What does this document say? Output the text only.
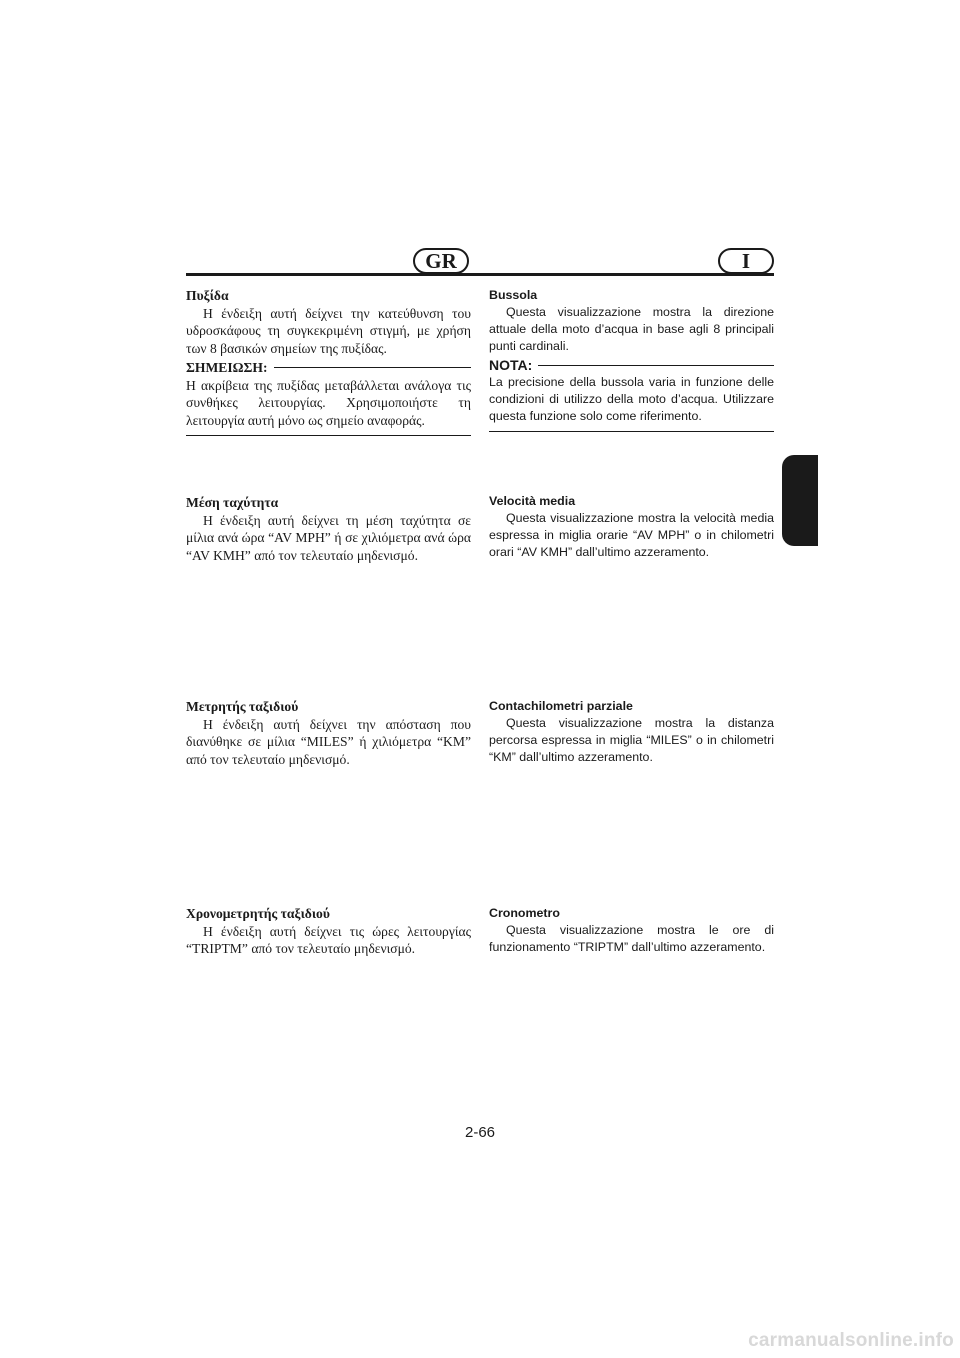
GR	I
Πυξίδα

Η ένδειξη αυτή δείχνει την κατεύθυνση του υδροσκάφους τη συγκεκριμένη στιγμή, με χρήση των 8 βασικών σημείων της πυξίδας.

ΣΗΜΕΙΩΣΗ:

Η ακρίβεια της πυξίδας μεταβάλλεται ανάλογα τις συνθήκες λειτουργίας. Χρησιμοποιήστε τη λειτουργία αυτή μόνο ως σημείο αναφοράς.

Μέση ταχύτητα

Η ένδειξη αυτή δείχνει τη μέση ταχύτητα σε μίλια ανά ώρα “AV MPH” ή σε χιλιόμετρα ανά ώρα “AV KMH” από τον τελευταίο μηδενισμό.

Μετρητής ταξιδιού

Η ένδειξη αυτή δείχνει την απόσταση που διανύθηκε σε μίλια “MILES” ή χιλιόμετρα “KM” από τον τελευταίο μηδενισμό.

Χρονομετρητής ταξιδιού

Η ένδειξη αυτή δείχνει τις ώρες λειτουργίας “TRIPTM” από τον τελευταίο μηδενισμό.

Bussola

Questa visualizzazione mostra la direzione attuale della moto d’acqua in base agli 8 principali punti cardinali.

NOTA:

La precisione della bussola varia in funzione delle condizioni di utilizzo della moto d’acqua. Utilizzare questa funzione solo come riferimento.

Velocità media

Questa visualizzazione mostra la velocità media espressa in miglia orarie “AV MPH” o in chilometri orari “AV KMH” dall’ultimo azzeramento.

Contachilometri parziale

Questa visualizzazione mostra la distanza percorsa espressa in miglia “MILES” o in chilometri “KM” dall’ultimo azzeramento.

Cronometro

Questa visualizzazione mostra le ore di funzionamento “TRIPTM” dall’ultimo azzeramento.

2-66
carmanualsonline.info
